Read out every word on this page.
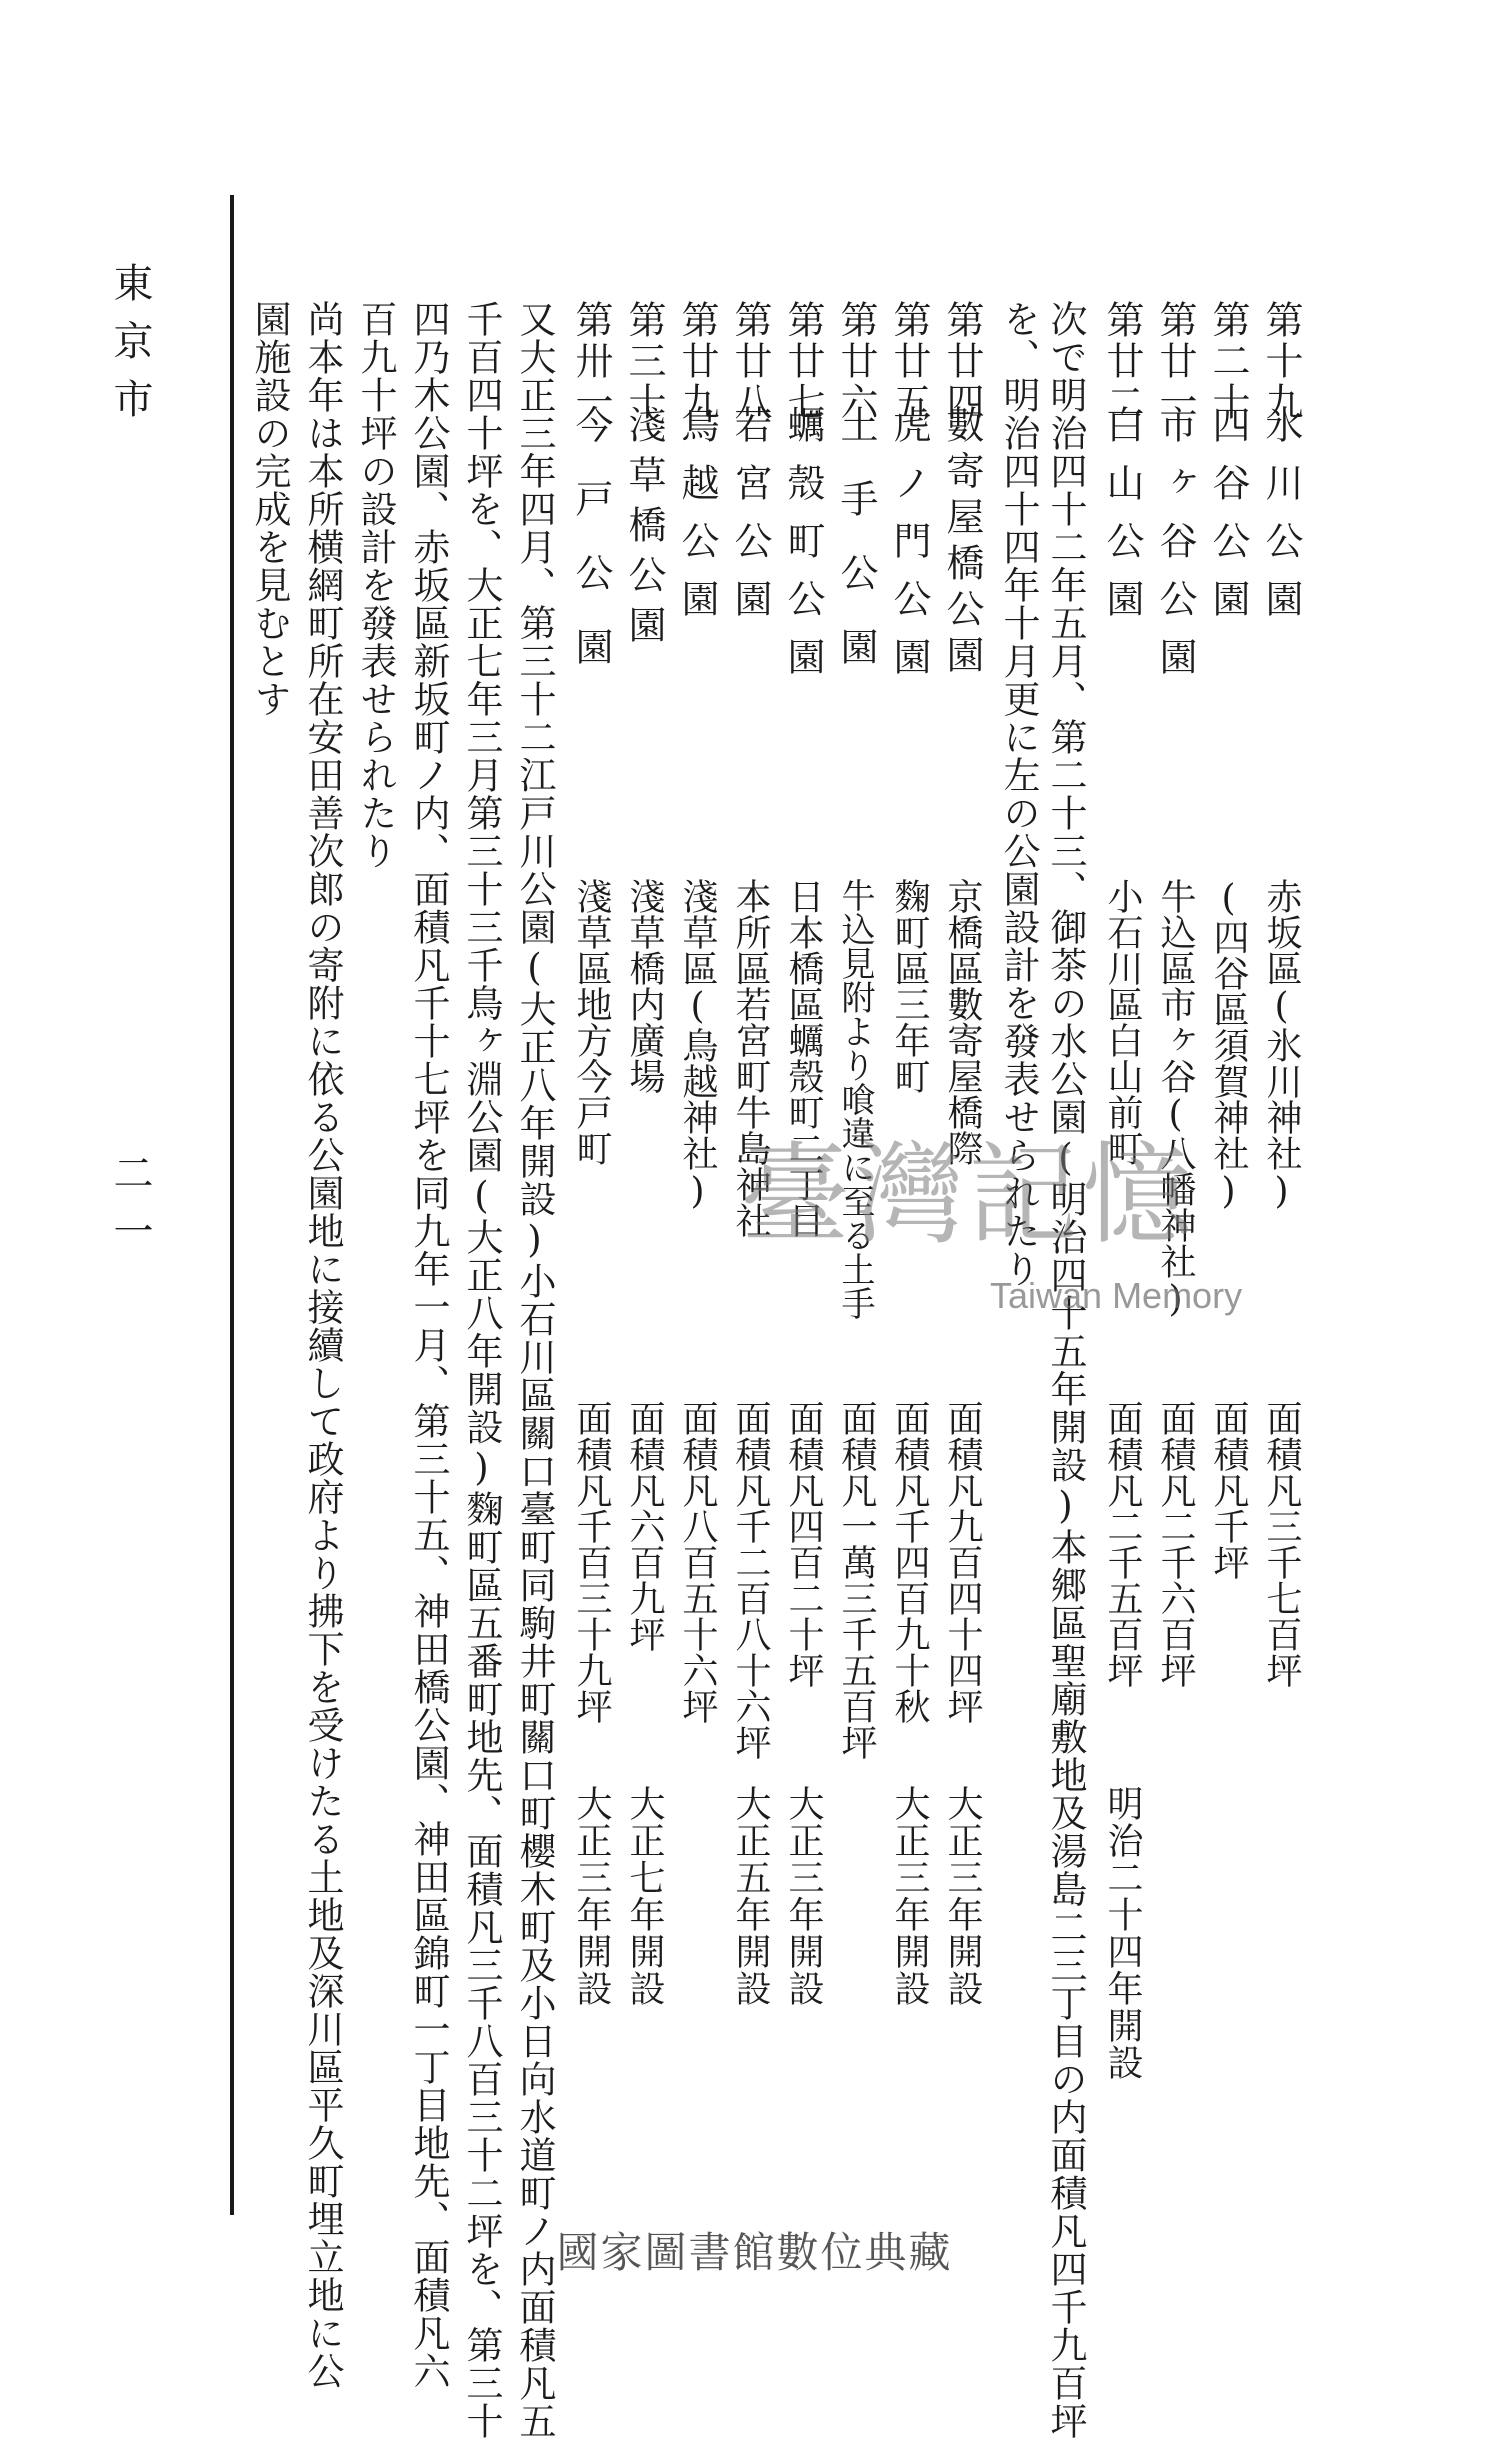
東京市
二一
第十九
氷川公園
赤坂區(氷川神社)
面積凡三千七百坪
第二十
四谷公園
(四谷區須賀神社)
面積凡千坪
第廿一
市ヶ谷公園
牛込區市ヶ谷(八幡神社)
面積凡二千六百坪
第廿二
白山公園
小石川區白山前町
面積凡二千五百坪
明治二十四年開設
次で明治四十二年五月、第二十三、御茶の水公園(明治四十五年開設)本郷區聖廟敷地及湯島二三丁目の内面積凡四千九百坪
を、明治四十四年十月更に左の公園設計を發表せられたり
第廿四
數寄屋橋公園
京橋區數寄屋橋際
面積凡九百四十四坪
大正三年開設
第廿五
虎ノ門公園
麴町區三年町
面積凡千四百九十秋
大正三年開設
第廿六
土手公園
牛込見附より喰違に至る土手
面積凡一萬三千五百坪
第廿七
蠣殼町公園
日本橋區蠣殼町二丁目
面積凡四百二十坪
大正三年開設
第廿八
若宮公園
本所區若宮町牛島神社
面積凡千二百八十六坪
大正五年開設
第廿九
鳥越公園
淺草區(鳥越神社)
面積凡八百五十六坪
第三十
淺草橋公園
淺草橋内廣場
面積凡六百九坪
大正七年開設
第卅一
今戸公園
淺草區地方今戸町
面積凡千百三十九坪
大正三年開設
又大正三年四月、第三十二江戸川公園(大正八年開設)小石川區關口臺町同駒井町關口町櫻木町及小日向水道町ノ内面積凡五
千百四十坪を、大正七年三月第三十三千鳥ヶ淵公園(大正八年開設)麴町區五番町地先、面積凡三千八百三十二坪を、第三十
四乃木公園、赤坂區新坂町ノ内、面積凡千十七坪を同九年一月、第三十五、神田橋公園、神田區錦町一丁目地先、面積凡六
百九十坪の設計を發表せられたり
尚本年は本所横網町所在安田善次郎の寄附に依る公園地に接續して政府より拂下を受けたる土地及深川區平久町埋立地に公
園施設の完成を見むとす
臺灣記憶
Taiwan Memory
國家圖書館數位典藏
